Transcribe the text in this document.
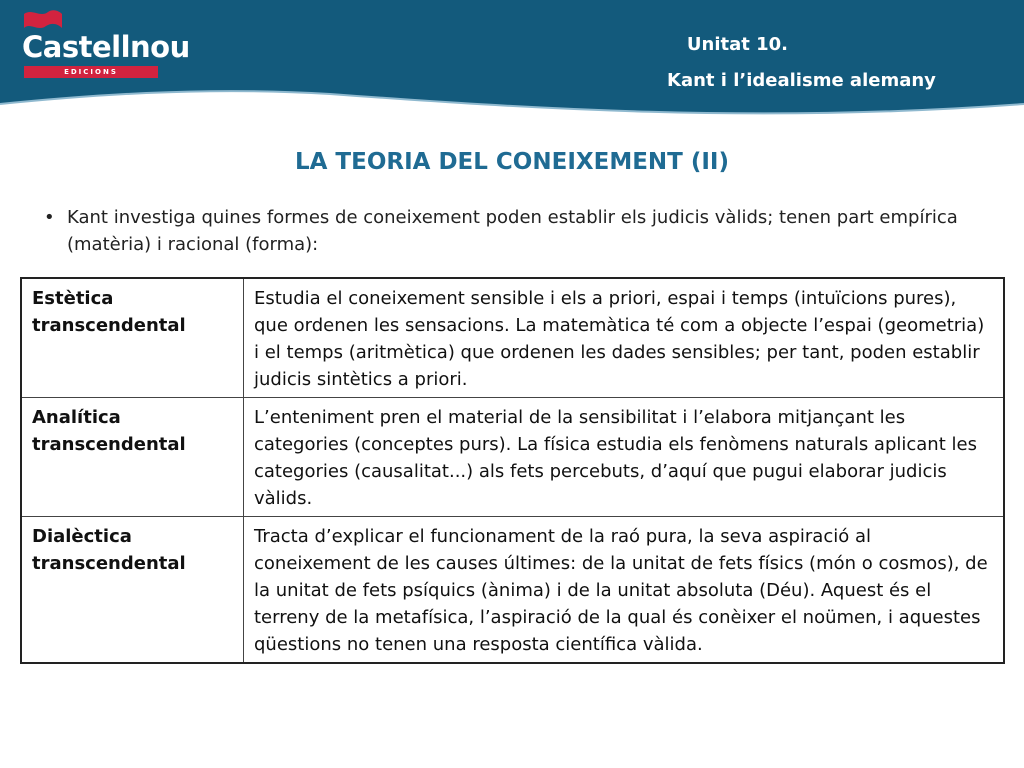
Castellnou
EDICIONS
Unitat 10.
Kant i l’idealisme alemany
LA TEORIA DEL CONEIXEMENT (II)
• Kant investiga quines formes de coneixement poden establir els judicis vàlids; tenen part empírica (matèria) i racional (forma):
Estètica transcendental	Estudia el coneixement sensible i els a priori, espai i temps (intuïcions pures), que ordenen les sensacions. La matemàtica té com a objecte l’espai (geometria) i el temps (aritmètica) que ordenen les dades sensibles; per tant, poden establir judicis sintètics a priori.
Analítica transcendental	L’enteniment pren el material de la sensibilitat i l’elabora mitjançant les categories (conceptes purs). La física estudia els fenòmens naturals aplicant les categories (causalitat...) als fets percebuts, d’aquí que pugui elaborar judicis vàlids.
Dialèctica transcendental	Tracta d’explicar el funcionament de la raó pura, la seva aspiració al coneixement de les causes últimes: de la unitat de fets físics (món o cosmos), de la unitat de fets psíquics (ànima) i de la unitat absoluta (Déu). Aquest és el terreny de la metafísica, l’aspiració de la qual és conèixer el noümen, i aquestes qüestions no tenen una resposta científica vàlida.
